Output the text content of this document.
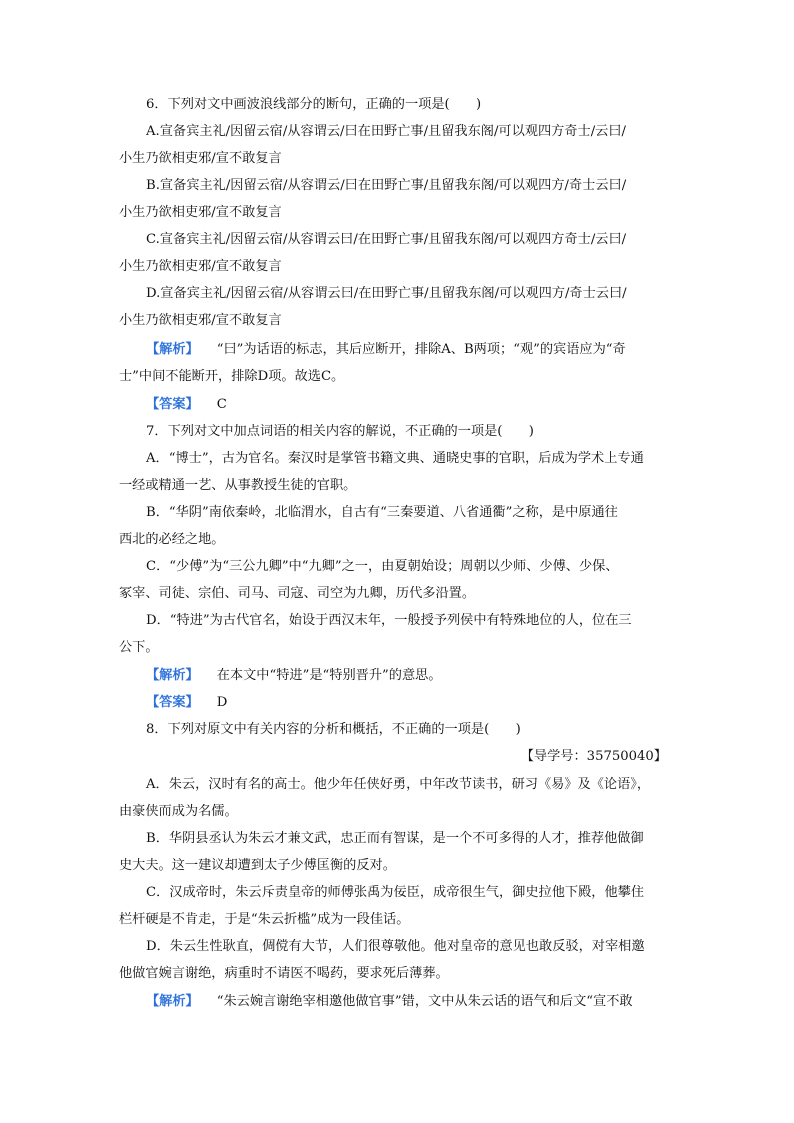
6．下列对文中画波浪线部分的断句，正确的一项是(　　)
A.宣备宾主礼/因留云宿/从容谓云/曰在田野亡事/且留我东阁/可以观四方奇士/云曰/
小生乃欲相吏邪/宣不敢复言
B.宣备宾主礼/因留云宿/从容谓云/曰在田野亡事/且留我东阁/可以观四方/奇士云曰/
小生乃欲相吏邪/宣不敢复言
C.宣备宾主礼/因留云宿/从容谓云曰/在田野亡事/且留我东阁/可以观四方奇士/云曰/
小生乃欲相吏邪/宣不敢复言
D.宣备宾主礼/因留云宿/从容谓云曰/在田野亡事/且留我东阁/可以观四方/奇士云曰/
小生乃欲相吏邪/宣不敢复言
【解析】 “曰”为话语的标志，其后应断开，排除A、B两项；“观”的宾语应为“奇
士”中间不能断开，排除D项。故选C。
【答案】 C
7．下列对文中加点词语的相关内容的解说，不正确的一项是(　　)
A．“博士”，古为官名。秦汉时是掌管书籍文典、通晓史事的官职，后成为学术上专通
一经或精通一艺、从事教授生徒的官职。
B．“华阴”南依秦岭，北临渭水，自古有“三秦要道、八省通衢”之称，是中原通往
西北的必经之地。
C．“少傅”为“三公九卿”中“九卿”之一，由夏朝始设；周朝以少师、少傅、少保、
冢宰、司徒、宗伯、司马、司寇、司空为九卿，历代多沿置。
D．“特进”为古代官名，始设于西汉末年，一般授予列侯中有特殊地位的人，位在三
公下。
【解析】 在本文中“特进”是“特别晋升”的意思。
【答案】 D
8．下列对原文中有关内容的分析和概括，不正确的一项是(　　)
【导学号：35750040】
A．朱云，汉时有名的高士。他少年任侠好勇，中年改节读书，研习《易》及《论语》，
由豪侠而成为名儒。
B．华阴县丞认为朱云才兼文武，忠正而有智谋，是一个不可多得的人才，推荐他做御
史大夫。这一建议却遭到太子少傅匡衡的反对。
C．汉成帝时，朱云斥责皇帝的师傅张禹为佞臣，成帝很生气，御史拉他下殿，他攀住
栏杆硬是不肯走，于是“朱云折槛”成为一段佳话。
D．朱云生性耿直，倜傥有大节，人们很尊敬他。他对皇帝的意见也敢反驳，对宰相邀
他做官婉言谢绝，病重时不请医不喝药，要求死后薄葬。
【解析】 “朱云婉言谢绝宰相邀他做官事”错，文中从朱云话的语气和后文“宣不敢
